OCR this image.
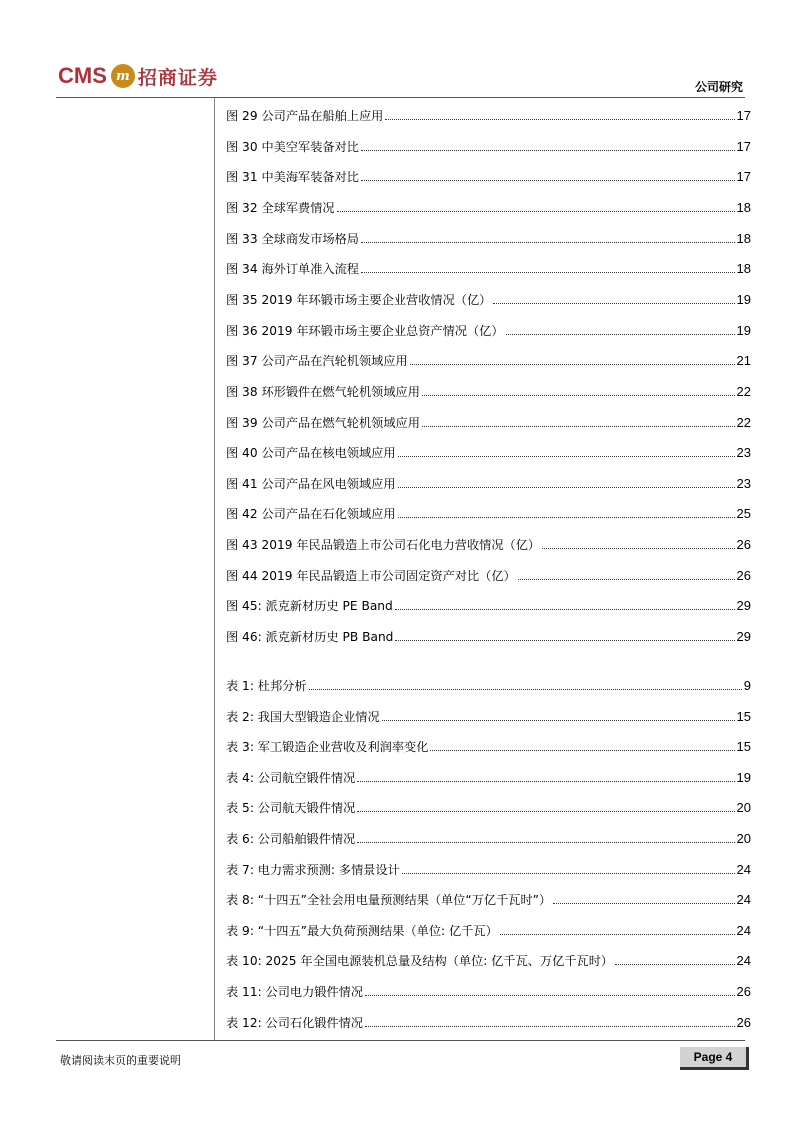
CMS m 招商证券	公司研究
图 29 公司产品在船舶上应用	17
图 30 中美空军装备对比	17
图 31 中美海军装备对比	17
图 32 全球军费情况	18
图 33 全球商发市场格局	18
图 34 海外订单准入流程	18
图 35 2019 年环锻市场主要企业营收情况（亿）	19
图 36 2019 年环锻市场主要企业总资产情况（亿）	19
图 37 公司产品在汽轮机领域应用	21
图 38 环形锻件在燃气轮机领域应用	22
图 39 公司产品在燃气轮机领域应用	22
图 40 公司产品在核电领域应用	23
图 41 公司产品在风电领域应用	23
图 42 公司产品在石化领域应用	25
图 43 2019 年民品锻造上市公司石化电力营收情况（亿）	26
图 44 2019 年民品锻造上市公司固定资产对比（亿）	26
图 45: 派克新材历史 PE Band	29
图 46: 派克新材历史 PB Band	29
表 1: 杜邦分析	9
表 2: 我国大型锻造企业情况	15
表 3: 军工锻造企业营收及利润率变化	15
表 4: 公司航空锻件情况	19
表 5: 公司航天锻件情况	20
表 6: 公司船舶锻件情况	20
表 7: 电力需求预测: 多情景设计	24
表 8: “十四五”全社会用电量预测结果（单位“万亿千瓦时”）	24
表 9: “十四五”最大负荷预测结果（单位: 亿千瓦）	24
表 10: 2025 年全国电源装机总量及结构（单位: 亿千瓦、万亿千瓦时）	24
表 11: 公司电力锻件情况	26
表 12: 公司石化锻件情况	26
敬请阅读末页的重要说明	Page 4
